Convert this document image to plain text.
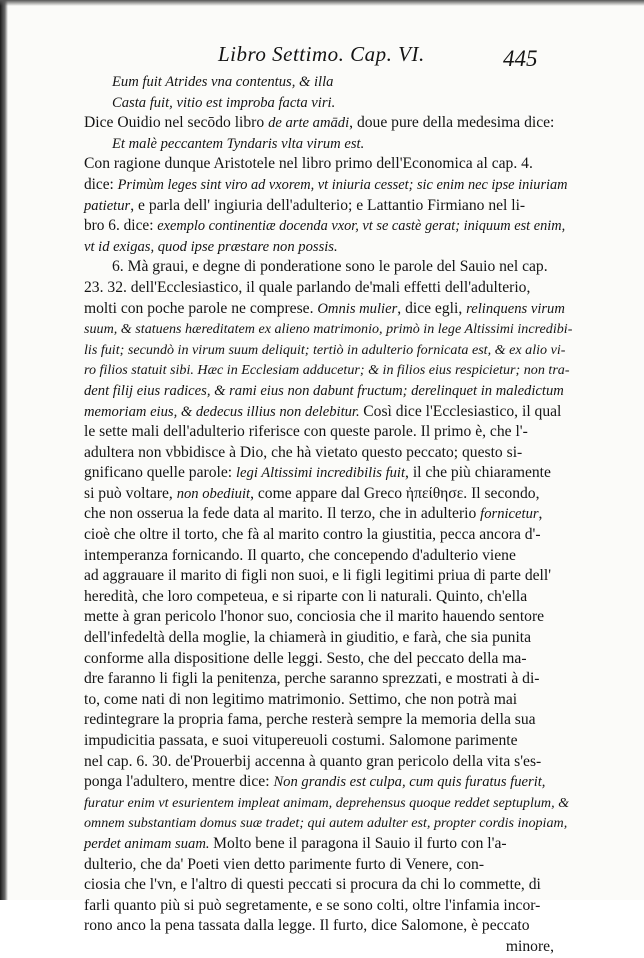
Libro Settimo. Cap. VI.	445
Eum fuit Atrides vna contentus, & illa
Casta fuit, vitio est improba facta viri.
Dice Ouidio nel secōdo libro de arte amādi, doue pure della medesima dice:
Et malè peccantem Tyndaris vlta virum est.
Con ragione dunque Aristotele nel libro primo dell'Economica al cap. 4.
dice: Primùm leges sint viro ad vxorem, vt iniuria cesset; sic enim nec ipse iniuriam
patietur, e parla dell' ingiuria dell'adulterio; e Lattantio Firmiano nel li-
bro 6. dice: exemplo continentiæ docenda vxor, vt se castè gerat; iniquum est enim,
vt id exigas, quod ipse præstare non possis.
6. Mà graui, e degne di ponderatione sono le parole del Sauio nel cap.
23. 32. dell'Ecclesiastico, il quale parlando de'mali effetti dell'adulterio,
molti con poche parole ne comprese. Omnis mulier, dice egli, relinquens virum
suum, & statuens hæreditatem ex alieno matrimonio, primò in lege Altissimi incredibi-
lis fuit; secundò in virum suum deliquit; tertiò in adulterio fornicata est, & ex alio vi-
ro filios statuit sibi. Hæc in Ecclesiam adducetur; & in filios eius respicietur; non tra-
dent filij eius radices, & rami eius non dabunt fructum; derelinquet in maledictum
memoriam eius, & dedecus illius non delebitur. Così dice l'Ecclesiastico, il qual
le sette mali dell'adulterio riferisce con queste parole. Il primo è, che l'-
adultera non vbbidisce à Dio, che hà vietato questo peccato; questo si-
gnificano quelle parole: legi Altissimi incredibilis fuit, il che più chiaramente
si può voltare, non obediuit, come appare dal Greco ἠπείθησε. Il secondo,
che non osserua la fede data al marito. Il terzo, che in adulterio fornicetur,
cioè che oltre il torto, che fà al marito contro la giustitia, pecca ancora d'-
intemperanza fornicando. Il quarto, che concependo d'adulterio viene
ad aggrauare il marito di figli non suoi, e li figli legitimi priua di parte dell'
heredità, che loro competeua, e si riparte con li naturali. Quinto, ch'ella
mette à gran pericolo l'honor suo, conciosia che il marito hauendo sentore
dell'infedeltà della moglie, la chiamerà in giuditio, e farà, che sia punita
conforme alla dispositione delle leggi. Sesto, che del peccato della ma-
dre faranno li figli la penitenza, perche saranno sprezzati, e mostrati à di-
to, come nati di non legitimo matrimonio. Settimo, che non potrà mai
redintegrare la propria fama, perche resterà sempre la memoria della sua
impudicitia passata, e suoi vitupereuoli costumi. Salomone parimente
nel cap. 6. 30. de'Prouerbij accenna à quanto gran pericolo della vita s'es-
ponga l'adultero, mentre dice: Non grandis est culpa, cum quis furatus fuerit,
furatur enim vt esurientem impleat animam, deprehensus quoque reddet septuplum, &
omnem substantiam domus suæ tradet; qui autem adulter est, propter cordis inopiam,
perdet animam suam. Molto bene il paragona il Sauio il furto con l'a-
dulterio, che da' Poeti vien detto parimente furto di Venere, con-
ciosia che l'vn, e l'altro di questi peccati si procura da chi lo commette, di
farli quanto più si può segretamente, e se sono colti, oltre l'infamia incor-
rono anco la pena tassata dalla legge. Il furto, dice Salomone, è peccato
minore,
